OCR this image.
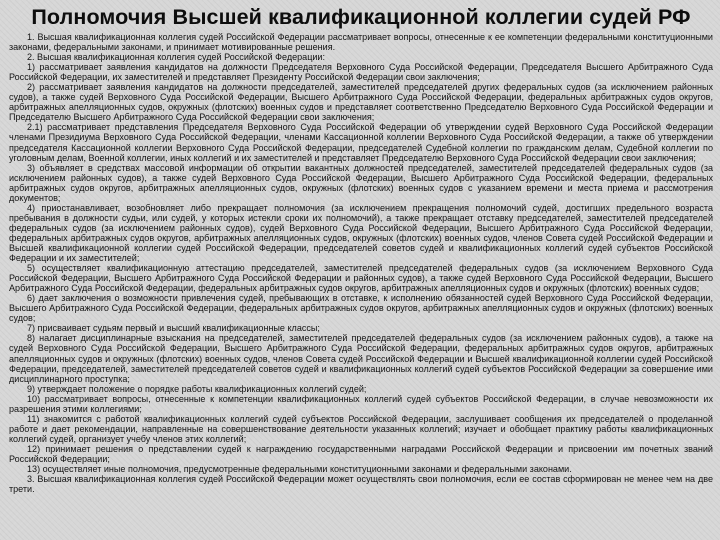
Полномочия Высшей квалификационной коллегии судей РФ

1. Высшая квалификационная коллегия судей Российской Федерации рассматривает вопросы, отнесенные к ее компетенции федеральными конституционными законами, федеральными законами, и принимает мотивированные решения.

2. Высшая квалификационная коллегия судей Российской Федерации:

1) рассматривает заявления кандидатов на должности Председателя Верховного Суда Российской Федерации, Председателя Высшего Арбитражного Суда Российской Федерации, их заместителей и представляет Президенту Российской Федерации свои заключения;

2) рассматривает заявления кандидатов на должности председателей, заместителей председателей других федеральных судов (за исключением районных судов), а также судей Верховного Суда Российской Федерации, Высшего Арбитражного Суда Российской Федерации, федеральных арбитражных судов округов, арбитражных апелляционных судов, окружных (флотских) военных судов и представляет соответственно Председателю Верховного Суда Российской Федерации и Председателю Высшего Арбитражного Суда Российской Федерации свои заключения;

2.1) рассматривает представления Председателя Верховного Суда Российской Федерации об утверждении судей Верховного Суда Российской Федерации членами Президиума Верховного Суда Российской Федерации, членами Кассационной коллегии Верховного Суда Российской Федерации, а также об утверждении председателя Кассационной коллегии Верховного Суда Российской Федерации, председателей Судебной коллегии по гражданским делам, Судебной коллегии по уголовным делам, Военной коллегии, иных коллегий и их заместителей и представляет Председателю Верховного Суда Российской Федерации свои заключения;

3) объявляет в средствах массовой информации об открытии вакантных должностей председателей, заместителей председателей федеральных судов (за исключением районных судов), а также судей Верховного Суда Российской Федерации, Высшего Арбитражного Суда Российской Федерации, федеральных арбитражных судов округов, арбитражных апелляционных судов, окружных (флотских) военных судов с указанием времени и места приема и рассмотрения документов;

4) приостанавливает, возобновляет либо прекращает полномочия (за исключением прекращения полномочий судей, достигших предельного возраста пребывания в должности судьи, или судей, у которых истекли сроки их полномочий), а также прекращает отставку председателей, заместителей председателей федеральных судов (за исключением районных судов), судей Верховного Суда Российской Федерации, Высшего Арбитражного Суда Российской Федерации, федеральных арбитражных судов округов, арбитражных апелляционных судов, окружных (флотских) военных судов, членов Совета судей Российской Федерации и Высшей квалификационной коллегии судей Российской Федерации, председателей советов судей и квалификационных коллегий судей субъектов Российской Федерации и их заместителей;

5) осуществляет квалификационную аттестацию председателей, заместителей председателей федеральных судов (за исключением Верховного Суда Российской Федерации, Высшего Арбитражного Суда Российской Федерации и районных судов), а также судей Верховного Суда Российской Федерации, Высшего Арбитражного Суда Российской Федерации, федеральных арбитражных судов округов, арбитражных апелляционных судов и окружных (флотских) военных судов;

6) дает заключения о возможности привлечения судей, пребывающих в отставке, к исполнению обязанностей судей Верховного Суда Российской Федерации, Высшего Арбитражного Суда Российской Федерации, федеральных арбитражных судов округов, арбитражных апелляционных судов и окружных (флотских) военных судов;

7) присваивает судьям первый и высший квалификационные классы;

8) налагает дисциплинарные взыскания на председателей, заместителей председателей федеральных судов (за исключением районных судов), а также на судей Верховного Суда Российской Федерации, Высшего Арбитражного Суда Российской Федерации, федеральных арбитражных судов округов, арбитражных апелляционных судов и окружных (флотских) военных судов, членов Совета судей Российской Федерации и Высшей квалификационной коллегии судей Российской Федерации, председателей, заместителей председателей советов судей и квалификационных коллегий судей субъектов Российской Федерации за совершение ими дисциплинарного проступка;

9) утверждает положение о порядке работы квалификационных коллегий судей;

10) рассматривает вопросы, отнесенные к компетенции квалификационных коллегий судей субъектов Российской Федерации, в случае невозможности их разрешения этими коллегиями;

11) знакомится с работой квалификационных коллегий судей субъектов Российской Федерации, заслушивает сообщения их председателей о проделанной работе и дает рекомендации, направленные на совершенствование деятельности указанных коллегий; изучает и обобщает практику работы квалификационных коллегий судей, организует учебу членов этих коллегий;

12) принимает решения о представлении судей к награждению государственными наградами Российской Федерации и присвоении им почетных званий Российской Федерации;

13) осуществляет иные полномочия, предусмотренные федеральными конституционными законами и федеральными законами.

3. Высшая квалификационная коллегия судей Российской Федерации может осуществлять свои полномочия, если ее состав сформирован не менее чем на две трети.
